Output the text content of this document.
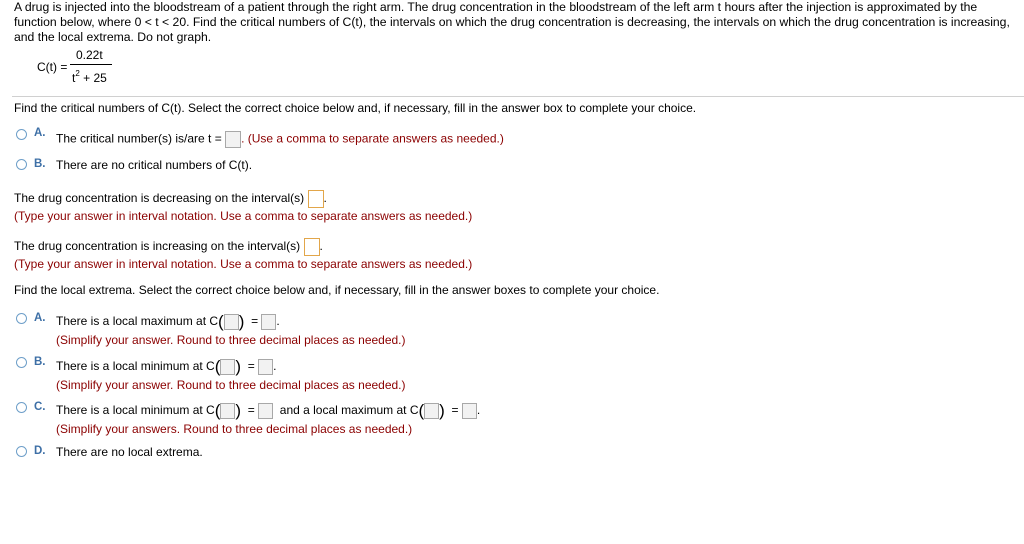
A drug is injected into the bloodstream of a patient through the right arm. The drug concentration in the bloodstream of the left arm t hours after the injection is approximated by the function below, where 0 < t < 20. Find the critical numbers of C(t), the intervals on which the drug concentration is decreasing, the intervals on which the drug concentration is increasing, and the local extrema. Do not graph.
C(t) =
0.22t
$t^2 + 25$
Find the critical numbers of C(t). Select the correct choice below and, if necessary, fill in the answer box to complete your choice.
A. The critical number(s) is/are t = . (Use a comma to separate answers as needed.)
B. There are no critical numbers of C(t).
The drug concentration is decreasing on the interval(s) .
(Type your answer in interval notation. Use a comma to separate answers as needed.)
The drug concentration is increasing on the interval(s) .
(Type your answer in interval notation. Use a comma to separate answers as needed.)
Find the local extrema. Select the correct choice below and, if necessary, fill in the answer boxes to complete your choice.
A. There is a local maximum at C( ) = .
(Simplify your answer. Round to three decimal places as needed.)
B. There is a local minimum at C( ) = .
(Simplify your answer. Round to three decimal places as needed.)
C. There is a local minimum at C( ) = and a local maximum at C( ) = .
(Simplify your answers. Round to three decimal places as needed.)
D. There are no local extrema.
